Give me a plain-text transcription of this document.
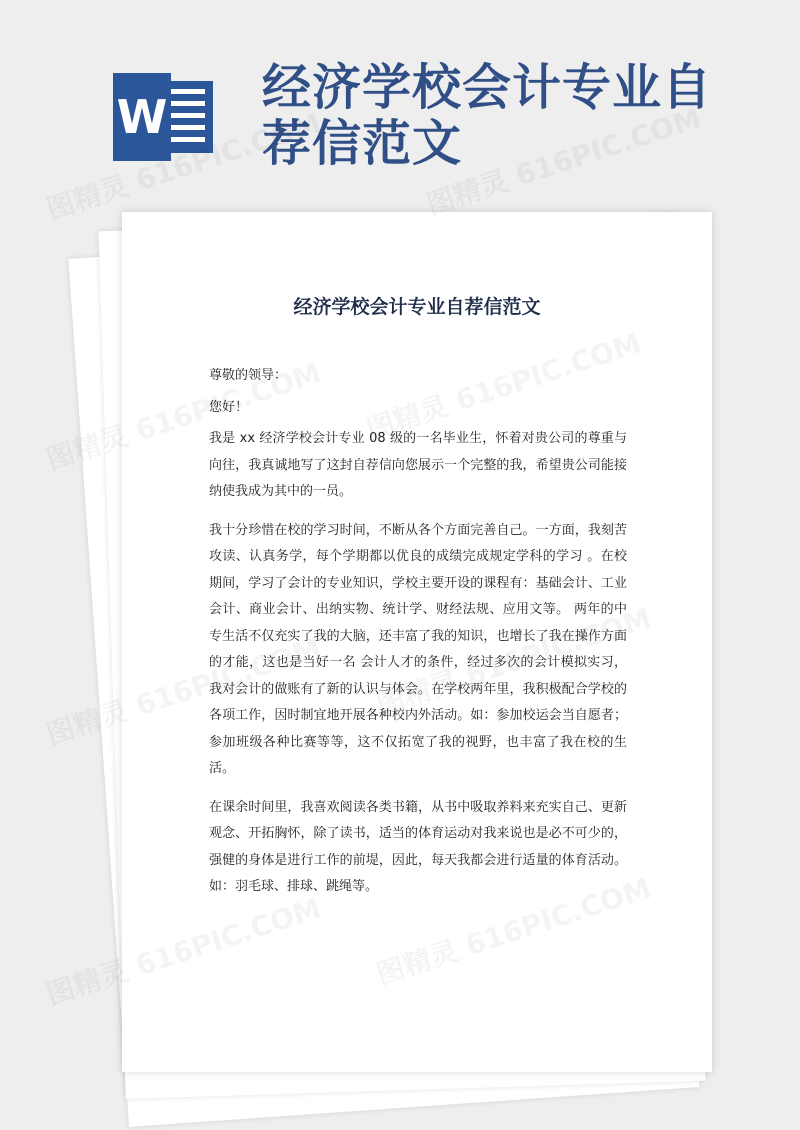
W
经济学校会计专业自荐信范文
经济学校会计专业自荐信范文

尊敬的领导：

您好！

我是 xx 经济学校会计专业 08 级的一名毕业生，怀着对贵公司的尊重与向往，我真诚地写了这封自荐信向您展示一个完整的我，希望贵公司能接纳使我成为其中的一员。

我十分珍惜在校的学习时间，不断从各个方面完善自己。一方面，我刻苦攻读、认真务学，每个学期都以优良的成绩完成规定学科的学习 。在校期间，学习了会计的专业知识，学校主要开设的课程有：基础会计、工业会计、商业会计、出纳实物、统计学、财经法规、应用文等。 两年的中专生活不仅充实了我的大脑，还丰富了我的知识，也增长了我在操作方面的才能，这也是当好一名 会计人才的条件，经过多次的会计模拟实习，我对会计的做账有了新的认识与体会。在学校两年里，我积极配合学校的各项工作，因时制宜地开展各种校内外活动。如：参加校运会当自愿者；参加班级各种比赛等等，这不仅拓宽了我的视野，也丰富了我在校的生活。

在课余时间里，我喜欢阅读各类书籍，从书中吸取养料来充实自己、更新观念、开拓胸怀，除了读书，适当的体育运动对我来说也是必不可少的，强健的身体是进行工作的前堤，因此，每天我都会进行适量的体育活动。如：羽毛球、排球、跳绳等。
